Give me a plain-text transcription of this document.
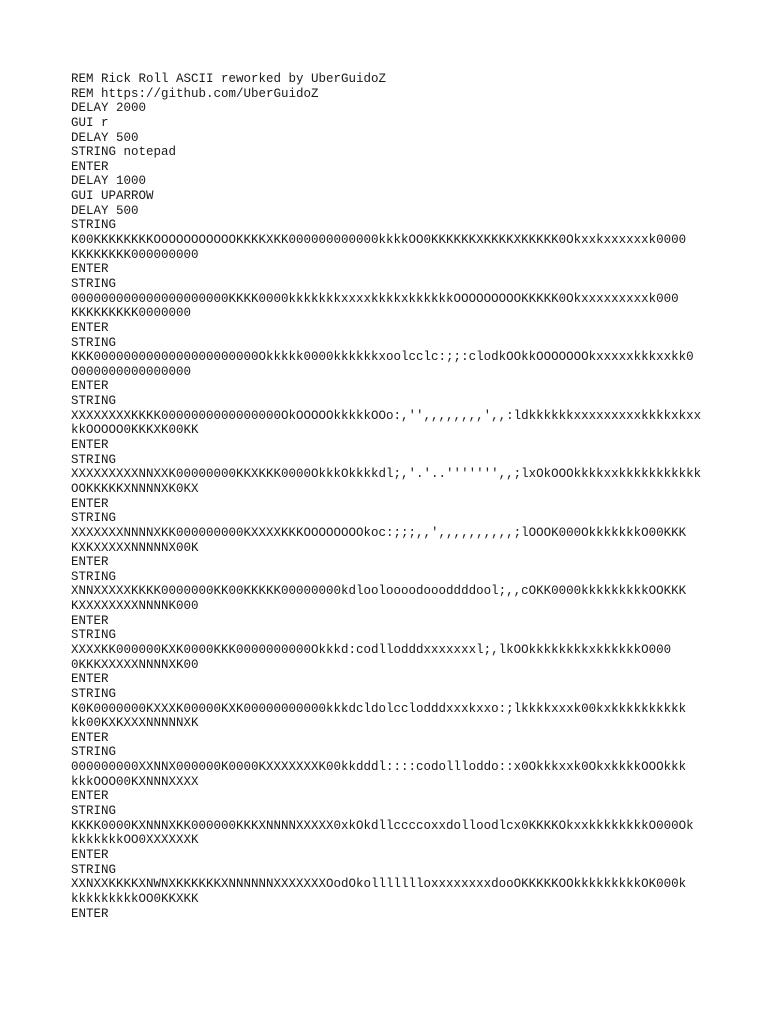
REM Rick Roll ASCII reworked by UberGuidoZ
REM https://github.com/UberGuidoZ
DELAY 2000
GUI r
DELAY 500
STRING notepad
ENTER
DELAY 1000
GUI UPARROW
DELAY 500
STRING
K00KKKKKKKKOOOOOOOOOOOKKKKXKK000000000000kkkkOO0KKKKKKXKKKKXKKKKK0Okxxkxxxxxxk0000
KKKKKKKK000000000
ENTER
STRING
000000000000000000000KKKK0000kkkkkkkxxxxkkkkxkkkkkkOOOOOOOOOKKKKK0Okxxxxxxxxxk000
KKKKKKKKK0000000
ENTER
STRING
KKK0000000000000000000000Okkkkk0000kkkkkkxoolcclc:;;:clodkOOkkOOOOOOOkxxxxxkkkxxkk0
O000000000000000
ENTER
STRING
XXXXXXXXKKKK0000000000000000OkOOOOOkkkkkOOo:,'',,,,,,,,',,:ldkkkkkkxxxxxxxxxkkkkxkxx
kkOOOOO0KKKXK00KK
ENTER
STRING
XXXXXXXXXNNXXK00000000KKXKKK0000OkkkOkkkkdl;,'.'..''''''',,;lxOkOOOkkkkxxkkkkkkkkkkk
OOKKKKKXNNNNXK0KX
ENTER
STRING
XXXXXXXNNNNXKK000000000KXXXXKKKOOOOOOOOkoc:;;;,,',,,,,,,,,,;lOOOK000OkkkkkkkO00KKK
KXKXXXXXNNNNNX00K
ENTER
STRING
XNNXXXXXKKKK0000000KK00KKKKK00000000kdlooloooodoooddddool;,,cOKK0000kkkkkkkkkOOKKK
KXXXXXXXXNNNNK000
ENTER
STRING
XXXXKK000000KXK0000KKK0000000000Okkkd:codllodddxxxxxxxl;,lkOOkkkkkkkkxkkkkkkO000
0KKKXXXXXNNNNXK00
ENTER
STRING
K0K0000000KXXXK00000KXK00000000000kkkdcldolcclodddxxxkxxo:;lkkkkxxxk00kxkkkkkkkkkk
kk00KXKXXXNNNNNXK
ENTER
STRING
000000000XXNNX000000K0000KXXXXXXXK00kkdddl::::codollloddo::x0Okkkxxk0OkxkkkkOOOkkk
kkkOOO00KXNNNXXXX
ENTER
STRING
KKKK0000KXNNNXKK000000KKKXNNNNXXXXX0xkOkdllccccoxxdolloodlcx0KKKKOkxxkkkkkkkkO000Ok
kkkkkkkOO0XXXXXXK
ENTER
STRING
XXNXXKKKKXNWNXKKKKKKXNNNNNNXXXXXXXOodOkollllllloxxxxxxxxdooOKKKKKOOkkkkkkkkkOK000k
kkkkkkkkkOO0KKXKK
ENTER
